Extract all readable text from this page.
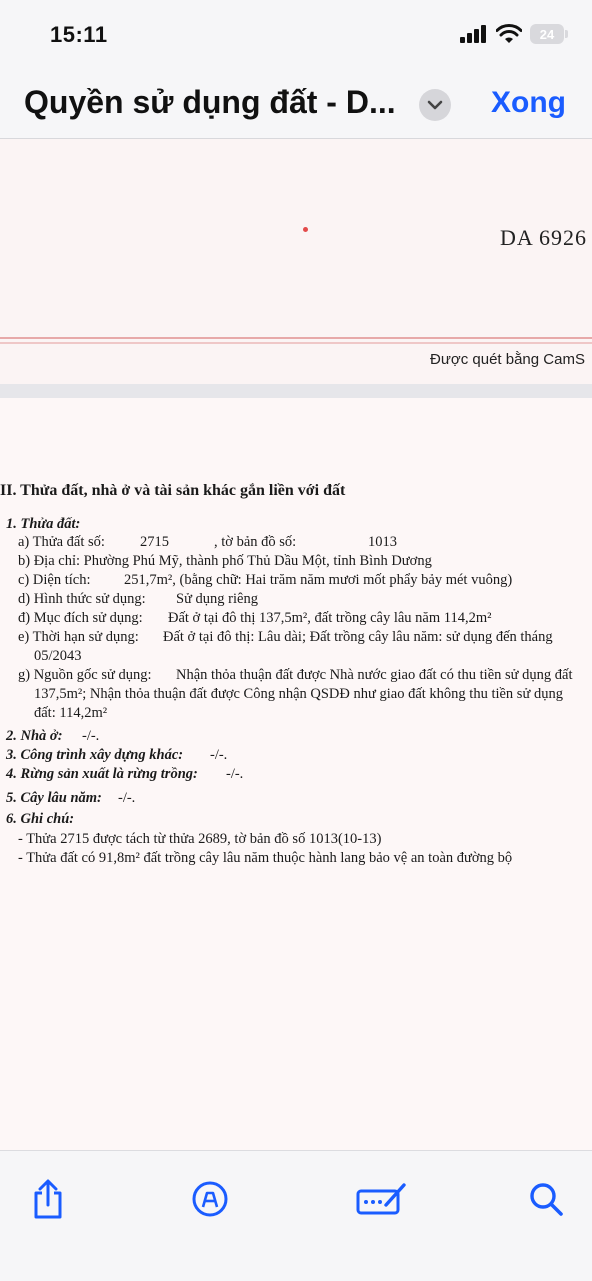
15:11	24
Quyền sử dụng đất - D...	Xong
DA 6926
Được quét bằng CamS
II. Thửa đất, nhà ở và tài sản khác gắn liền với đất
1. Thửa đất:
a) Thửa đất số: 2715	, tờ bản đồ số:	1013
b) Địa chỉ: Phường Phú Mỹ, thành phố Thủ Dầu Một, tỉnh Bình Dương
c) Diện tích: 251,7m², (bằng chữ: Hai trăm năm mươi mốt phẩy bảy mét vuông)
d) Hình thức sử dụng: Sử dụng riêng
đ) Mục đích sử dụng: Đất ở tại đô thị 137,5m², đất trồng cây lâu năm 114,2m²
e) Thời hạn sử dụng: Đất ở tại đô thị: Lâu dài; Đất trồng cây lâu năm: sử dụng đến tháng
05/2043
g) Nguồn gốc sử dụng: Nhận thỏa thuận đất được Nhà nước giao đất có thu tiền sử dụng đất
137,5m²; Nhận thỏa thuận đất được Công nhận QSDĐ như giao đất không thu tiền sử dụng
đất: 114,2m²
2. Nhà ở: -/-.
3. Công trình xây dựng khác: -/-.
4. Rừng sản xuất là rừng trồng: -/-.
5. Cây lâu năm: -/-.
6. Ghi chú:
- Thửa 2715 được tách từ thửa 2689, tờ bản đồ số 1013(10-13)
- Thửa đất có 91,8m² đất trồng cây lâu năm thuộc hành lang bảo vệ an toàn đường bộ
